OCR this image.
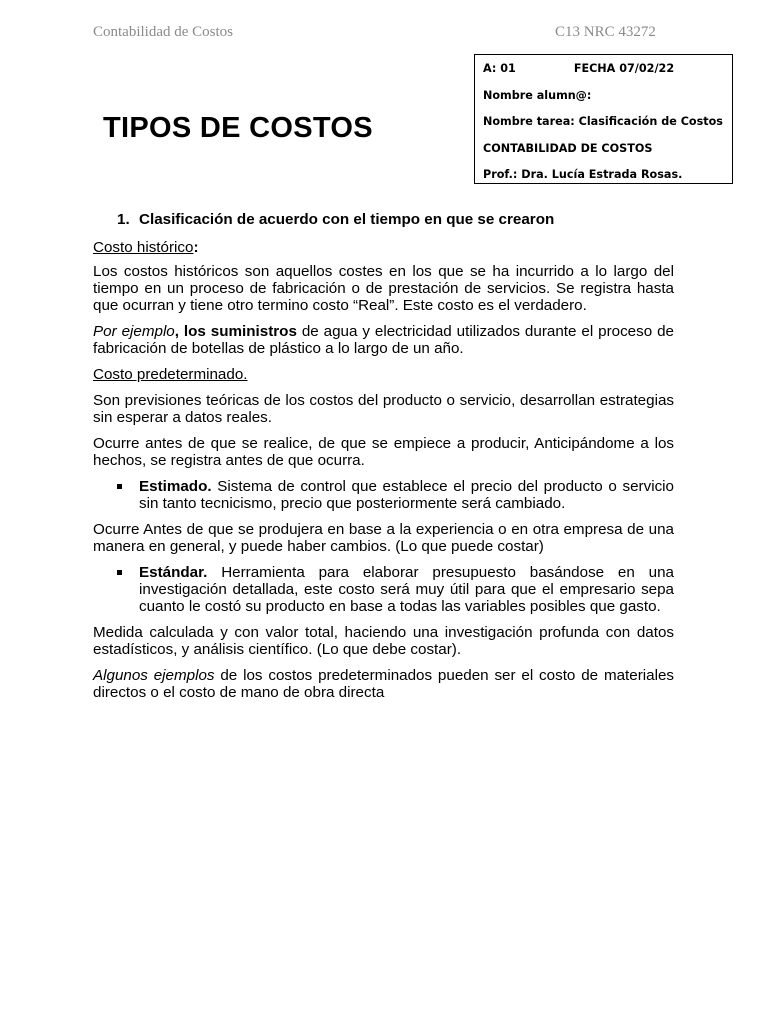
Contabilidad de Costos	C13 NRC 43272
A: 01	FECHA 07/02/22
Nombre alumn@:
Nombre tarea: Clasificación de Costos
CONTABILIDAD DE COSTOS
Prof.: Dra. Lucía Estrada Rosas.
TIPOS DE COSTOS
1. Clasificación de acuerdo con el tiempo en que se crearon

Costo histórico:

Los costos históricos son aquellos costes en los que se ha incurrido a lo largo del tiempo en un proceso de fabricación o de prestación de servicios. Se registra hasta que ocurran y tiene otro termino costo “Real”. Este costo es el verdadero.

Por ejemplo, los suministros de agua y electricidad utilizados durante el proceso de fabricación de botellas de plástico a lo largo de un año.

Costo predeterminado.

Son previsiones teóricas de los costos del producto o servicio, desarrollan estrategias sin esperar a datos reales.

Ocurre antes de que se realice, de que se empiece a producir, Anticipándome a los hechos, se registra antes de que ocurra.

Estimado. Sistema de control que establece el precio del producto o servicio sin tanto tecnicismo, precio que posteriormente será cambiado.

Ocurre Antes de que se produjera en base a la experiencia o en otra empresa de una manera en general, y puede haber cambios. (Lo que puede costar)

Estándar. Herramienta para elaborar presupuesto basándose en una investigación detallada, este costo será muy útil para que el empresario sepa cuanto le costó su producto en base a todas las variables posibles que gasto.

Medida calculada y con valor total, haciendo una investigación profunda con datos estadísticos, y análisis científico. (Lo que debe costar).

Algunos ejemplos de los costos predeterminados pueden ser el costo de materiales directos o el costo de mano de obra directa
